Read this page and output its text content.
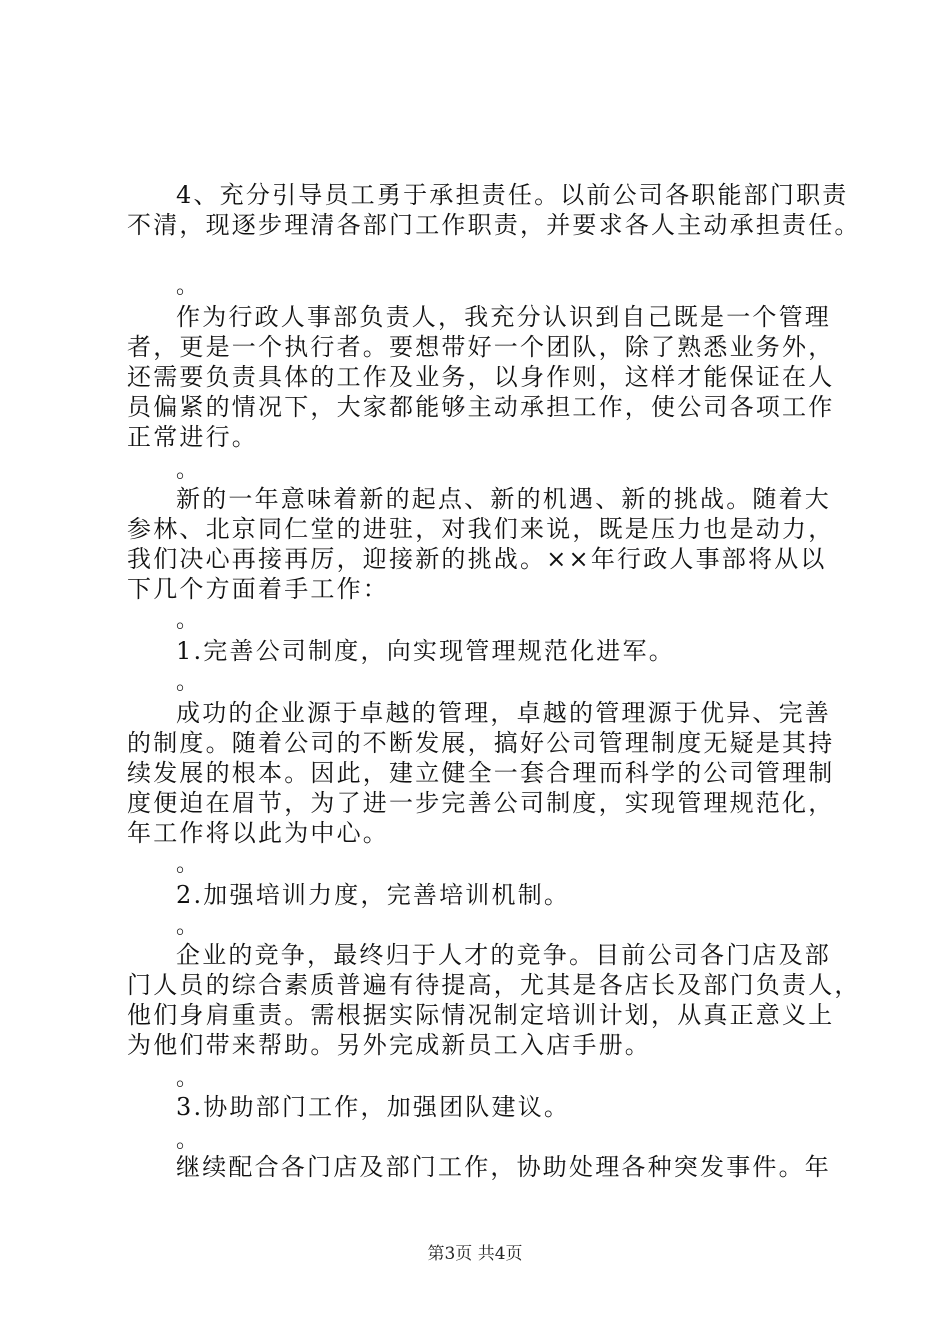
4、充分引导员工勇于承担责任。以前公司各职能部门职责
不清，现逐步理清各部门工作职责，并要求各人主动承担责任。
。
作为行政人事部负责人，我充分认识到自己既是一个管理
者，更是一个执行者。要想带好一个团队，除了熟悉业务外，
还需要负责具体的工作及业务，以身作则，这样才能保证在人
员偏紧的情况下，大家都能够主动承担工作，使公司各项工作
正常进行。
。
新的一年意味着新的起点、新的机遇、新的挑战。随着大
参林、北京同仁堂的进驻，对我们来说，既是压力也是动力，
我们决心再接再厉，迎接新的挑战。××年行政人事部将从以
下几个方面着手工作：
。
1.完善公司制度，向实现管理规范化进军。
。
成功的企业源于卓越的管理，卓越的管理源于优异、完善
的制度。随着公司的不断发展，搞好公司管理制度无疑是其持
续发展的根本。因此，建立健全一套合理而科学的公司管理制
度便迫在眉节，为了进一步完善公司制度，实现管理规范化，
年工作将以此为中心。
。
2.加强培训力度，完善培训机制。
。
企业的竞争，最终归于人才的竞争。目前公司各门店及部
门人员的综合素质普遍有待提高，尤其是各店长及部门负责人，
他们身肩重责。需根据实际情况制定培训计划，从真正意义上
为他们带来帮助。另外完成新员工入店手册。
。
3.协助部门工作，加强团队建议。
。
继续配合各门店及部门工作，协助处理各种突发事件。年
第3页 共4页
